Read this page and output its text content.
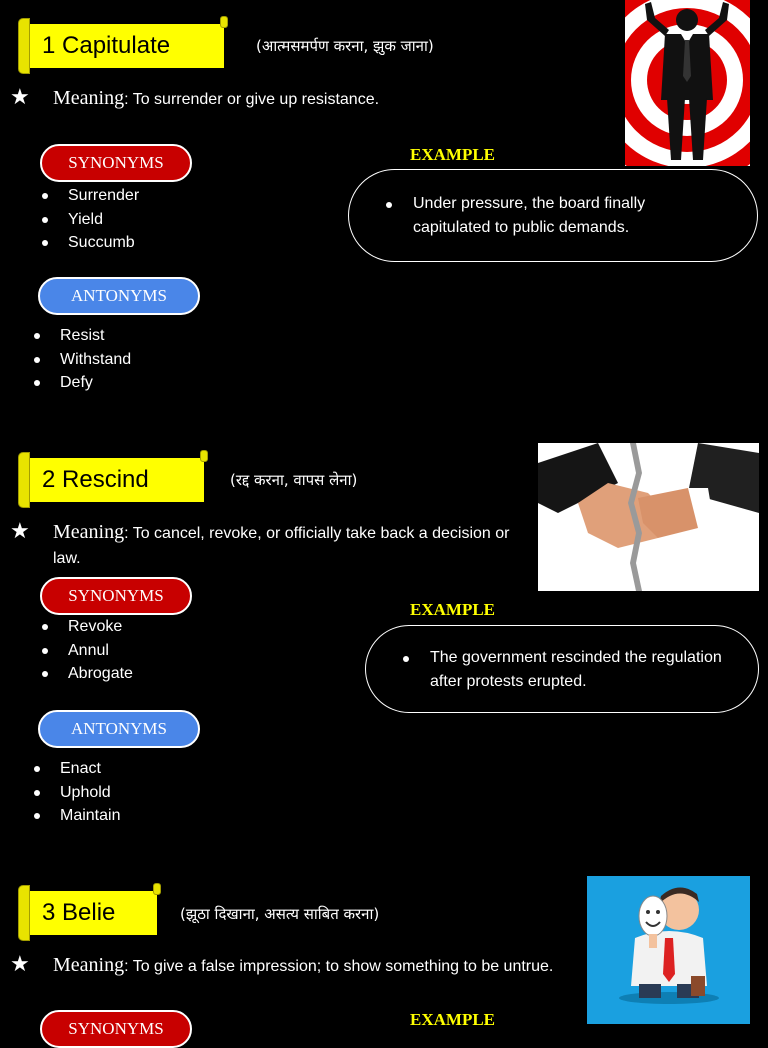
1 Capitulate	(आत्मसमर्पण करना, झुक जाना)
★ Meaning: To surrender or give up resistance.
SYNONYMS
Surrender
Yield
Succumb
ANTONYMS
Resist
Withstand
Defy
EXAMPLE
Under pressure, the board finally capitulated to public demands.
2 Rescind	(रद्द करना, वापस लेना)
★ Meaning: To cancel, revoke, or officially take back a decision or law.
SYNONYMS
Revoke
Annul
Abrogate
ANTONYMS
Enact
Uphold
Maintain
EXAMPLE
The government rescinded the regulation after protests erupted.
3 Belie	(झूठा दिखाना, असत्य साबित करना)
★ Meaning: To give a false impression; to show something to be untrue.
SYNONYMS	EXAMPLE
